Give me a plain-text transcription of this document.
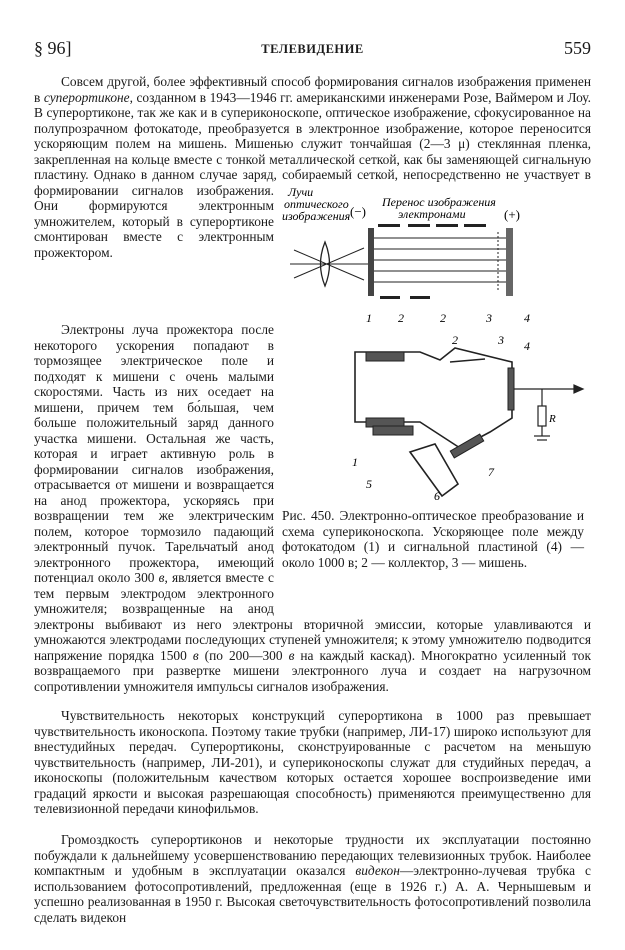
§ 96]	ТЕЛЕВИДЕНИЕ	559
Совсем другой, более эффективный способ формирования сигналов изображения применен в суперортиконе, созданном в 1943—1946 гг. американскими инженерами Розе, Ваймером и Лоу. В суперортиконе, так же как и в супериконоскопе, оптическое изображение, сфокусированное на полупрозрачном фотокатоде, преобразуется в электронное изображение, которое переносится ускоряющим полем на мишень. Мишенью служит тончайшая (2—3 μ) стеклянная пленка, закрепленная на кольце вместе с тонкой металлической сеткой, как бы заменяющей сигнальную пластину. Однако в данном случае заряд, собираемый сеткой, непосредственно не участвует в формировании сигналов изображения. Они формируются электронным умножителем, который в суперортиконе смонтирован вместе с электронным прожектором.
Электроны луча прожектора после некоторого ускорения попадают в тормозящее электрическое поле и подходят к мишени с очень малыми скоростями. Часть из них оседает на мишени, причем тем бо́льшая, чем больше положительный заряд данного участка мишени. Остальная же часть, которая и играет активную роль в формировании сигналов изображения, отрасывается от мишени и возвращается на анод прожектора, ускоряясь при возвращении тем же электрическим полем, которое тормозило падающий электронный пучок. Тарельчатый анод электронного прожектора, имеющий потенциал около 300 в, является вместе с тем первым электродом электронного умножителя; возвращенные на анод электроны выбивают из него электроны вторичной эмиссии, которые улавливаются и умножаются электродами последующих ступеней умножителя; к этому умножителю подводится напряжение порядка 1500 в (по 200—300 в на каждый каскад). Многократно усиленный ток возвращаемого при развертке мишени электронного луча и создает на нагрузочном сопротивлении умножителя импульсы сигналов изображения.
Чувствительность некоторых конструкций суперортикона в 1000 раз превышает чувствительность иконоскопа. Поэтому такие трубки (например, ЛИ-17) широко используют для внестудийных передач. Суперортиконы, сконструированные с расчетом на меньшую чувствительность (например, ЛИ-201), и супериконоскопы служат для студийных передач, а иконоскопы (положительным качеством которых остается хорошее воспроизведение ими градаций яркости и высокая разрешающая способность) применяются преимущественно для телевизионной передачи кинофильмов.
Громоздкость суперортиконов и некоторые трудности их эксплуатации постоянно побуждали к дальнейшему усовершенствованию передающих телевизионных трубок. Наиболее компактным и удобным в эксплуатации оказался видекон—электронно-лучевая трубка с использованием фотосопротивлений, предложенная (еще в 1926 г.) А. А. Чернышевым и успешно реализованная в 1950 г. Высокая светочувствительность фотосопротивлений позволила сделать видекон
Лучи
оптического
изображения
Перенос изображения
электронами
(−)	(+)
1 2	2	3	4
R
1
2	3 4
5
6
7
Рис. 450. Электронно-оптическое преобразование и схема супериконоскопа. Ускоряющее поле между фотокатодом (1) и сигнальной пластиной (4) — около 1000 в; 2 — коллектор, 3 — мишень.
